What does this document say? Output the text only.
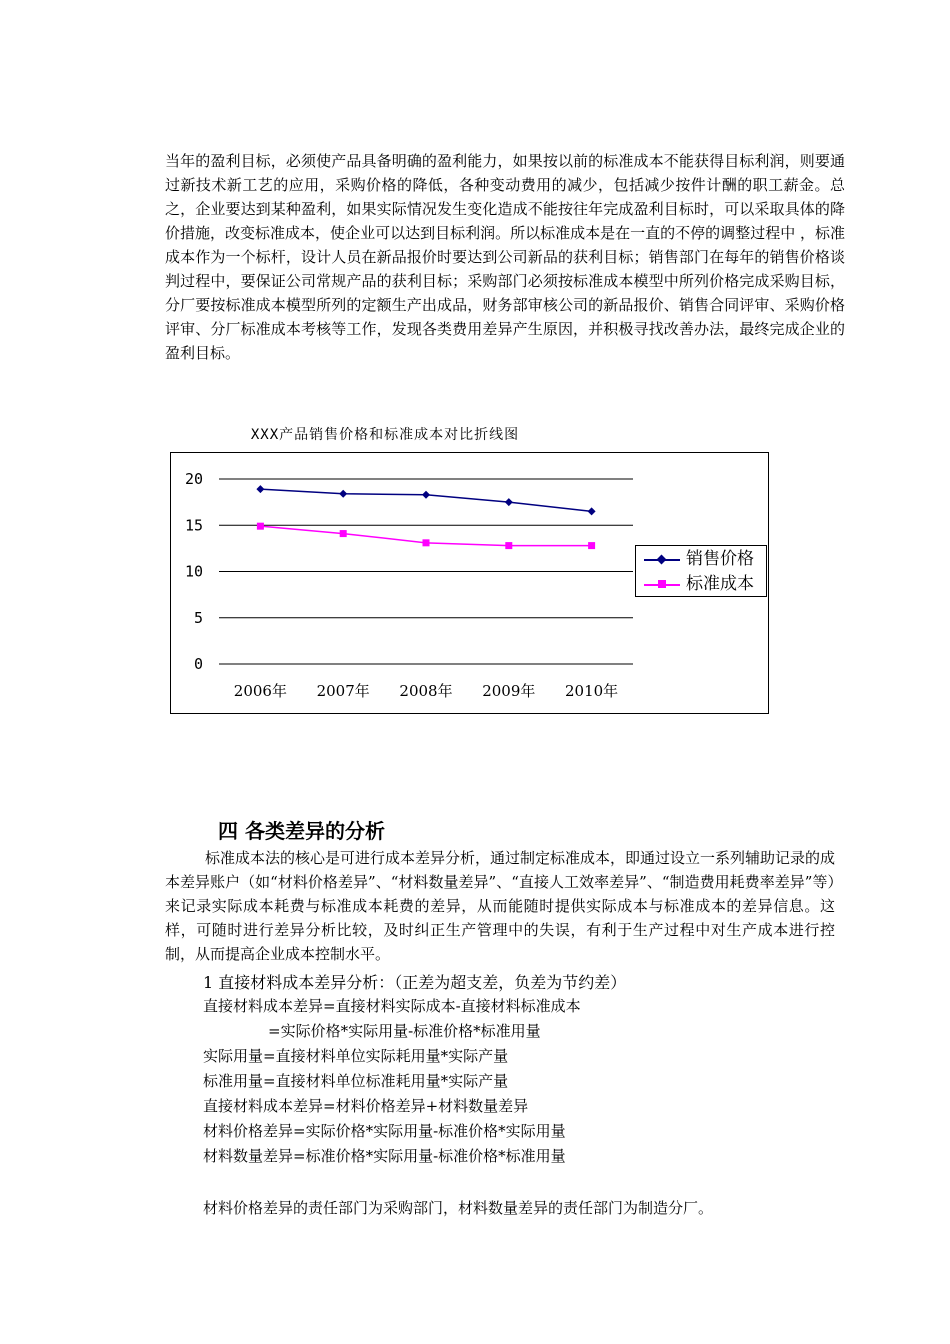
当年的盈利目标，必须使产品具备明确的盈利能力，如果按以前的标准成本不能获得目标利润，则要通过新技术新工艺的应用，采购价格的降低，各种变动费用的减少，包括减少按件计酬的职工薪金。总之，企业要达到某种盈利，如果实际情况发生变化造成不能按往年完成盈利目标时，可以采取具体的降价措施，改变标准成本，使企业可以达到目标利润。所以标准成本是在一直的不停的调整过程中 ，标准成本作为一个标杆，设计人员在新品报价时要达到公司新品的获利目标；销售部门在每年的销售价格谈判过程中，要保证公司常规产品的获利目标；采购部门必须按标准成本模型中所列价格完成采购目标，分厂要按标准成本模型所列的定额生产出成品，财务部审核公司的新品报价、销售合同评审、采购价格评审、分厂标准成本考核等工作，发现各类费用差异产生原因，并积极寻找改善办法，最终完成企业的盈利目标。

XXX产品销售价格和标准成本对比折线图
0
5
10
15
20
2006年 2007年 2008年 2009年 2010年
销售价格
标准成本
四 各类差异的分析

标准成本法的核心是可进行成本差异分析，通过制定标准成本，即通过设立一系列辅助记录的成本差异账户（如“材料价格差异”、“材料数量差异”、“直接人工效率差异”、“制造费用耗费率差异”等）来记录实际成本耗费与标准成本耗费的差异，从而能随时提供实际成本与标准成本的差异信息。这样，可随时进行差异分析比较，及时纠正生产管理中的失误，有利于生产过程中对生产成本进行控制，从而提高企业成本控制水平。

1 直接材料成本差异分析：（正差为超支差，负差为节约差）
直接材料成本差异=直接材料实际成本-直接材料标准成本
=实际价格*实际用量-标准价格*标准用量
实际用量=直接材料单位实际耗用量*实际产量
标准用量=直接材料单位标准耗用量*实际产量
直接材料成本差异=材料价格差异+材料数量差异
材料价格差异=实际价格*实际用量-标准价格*实际用量
材料数量差异=标准价格*实际用量-标准价格*标准用量
材料价格差异的责任部门为采购部门，材料数量差异的责任部门为制造分厂。
